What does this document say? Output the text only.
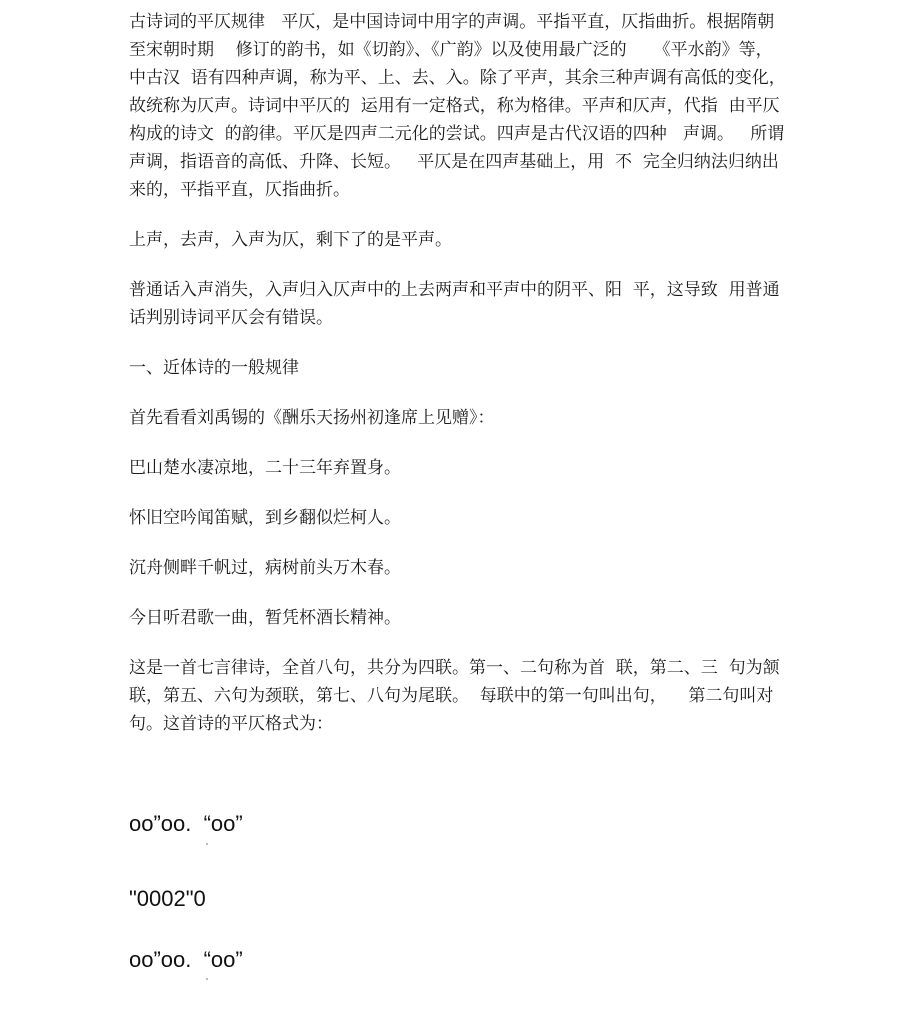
古诗词的平仄规律   平仄，是中国诗词中用字的声调。平指平直，仄指曲折。根据隋朝    至宋朝时期    修订的韵书，如《切韵》、《广韵》以及使用最广泛的     《平水韵》等，中古汉  语有四种声调，称为平、上、去、入。除了平声，其余三种声调有高低的变化，   故统称为仄声。诗词中平仄的  运用有一定格式，称为格律。平声和仄声，代指  由平仄构成的诗文  的韵律。平仄是四声二元化的尝试。四声是古代汉语的四种   声调。   所谓声调，指语音的高低、升降、长短。   平仄是在四声基础上，用  不  完全归纳法归纳出来的，平指平直，仄指曲折。

上声，去声，入声为仄，剩下了的是平声。

普通话入声消失，入声归入仄声中的上去两声和平声中的阴平、阳  平，这导致  用普通话判别诗词平仄会有错误。

一、近体诗的一般规律

首先看看刘禹锡的《酬乐天扬州初逢席上见赠》：

巴山楚水凄凉地，二十三年弃置身。

怀旧空吟闻笛赋，到乡翻似烂柯人。

沉舟侧畔千帆过，病树前头万木春。

今日听君歌一曲，暂凭杯酒长精神。

这是一首七言律诗，全首八句，共分为四联。第一、二句称为首  联，第二、三  句为颔联，第五、六句为颈联，第七、八句为尾联。  每联中的第一句叫出句，    第二句叫对句。这首诗的平仄格式为：

oo”oo.  “oo”

"0002"0

oo”oo.  “oo”
